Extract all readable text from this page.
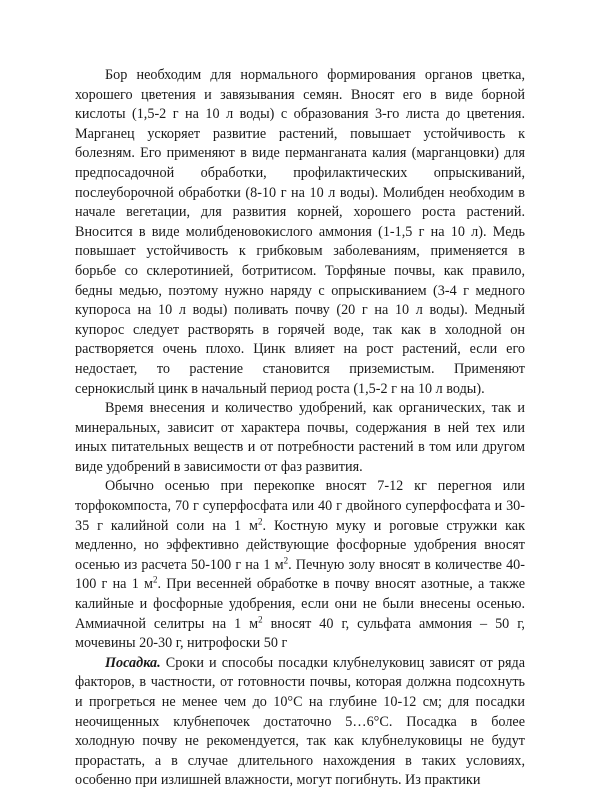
Бор необходим для нормального формирования органов цветка, хорошего цветения и завязывания семян. Вносят его в виде борной кислоты (1,5-2 г на 10 л воды) с образования 3-го листа до цветения. Марганец ускоряет развитие растений, повышает устойчивость к болезням. Его применяют в виде перманганата калия (марганцовки) для предпосадочной обработки, профилактических опрыскиваний, послеуборочной обработки (8-10 г на 10 л воды). Молибден необходим в начале вегетации, для развития корней, хорошего роста растений. Вносится в виде молибденовокислого аммония (1-1,5 г на 10 л). Медь повышает устойчивость к грибковым заболеваниям, применяется в борьбе со склеротинией, ботритисом. Торфяные почвы, как правило, бедны медью, поэтому нужно наряду с опрыскиванием (3-4 г медного купороса на 10 л воды) поливать почву (20 г на 10 л воды). Медный купорос следует растворять в горячей воде, так как в холодной он растворяется очень плохо. Цинк влияет на рост растений, если его недостает, то растение становится приземистым. Применяют сернокислый цинк в начальный период роста (1,5-2 г на 10 л воды).

Время внесения и количество удобрений, как органических, так и минеральных, зависит от характера почвы, содержания в ней тех или иных питательных веществ и от потребности растений в том или другом виде удобрений в зависимости от фаз развития.

Обычно осенью при перекопке вносят 7-12 кг перегноя или торфокомпоста, 70 г суперфосфата или 40 г двойного суперфосфата и 30-35 г калийной соли на 1 $м^2$. Костную муку и роговые стружки как медленно, но эффективно действующие фосфорные удобрения вносят осенью из расчета 50-100 г на 1 $м^2$. Печную золу вносят в количестве 40-100 г на 1 $м^2$. При весенней обработке в почву вносят азотные, а также калийные и фосфорные удобрения, если они не были внесены осенью. Аммиачной селитры на 1 $м^2$ вносят 40 г, сульфата аммония – 50 г, мочевины 20-30 г, нитрофоски 50 г

Посадка. Сроки и способы посадки клубнелуковиц зависят от ряда факторов, в частности, от готовности почвы, которая должна подсохнуть и прогреться не менее чем до 10°С на глубине 10-12 см; для посадки неочищенных клубнепочек достаточно 5…6°С. Посадка в более холодную почву не рекомендуется, так как клубнелуковицы не будут прорастать, а в случае длительного нахождения в таких условиях, особенно при излишней влажности, могут погибнуть. Из практики
